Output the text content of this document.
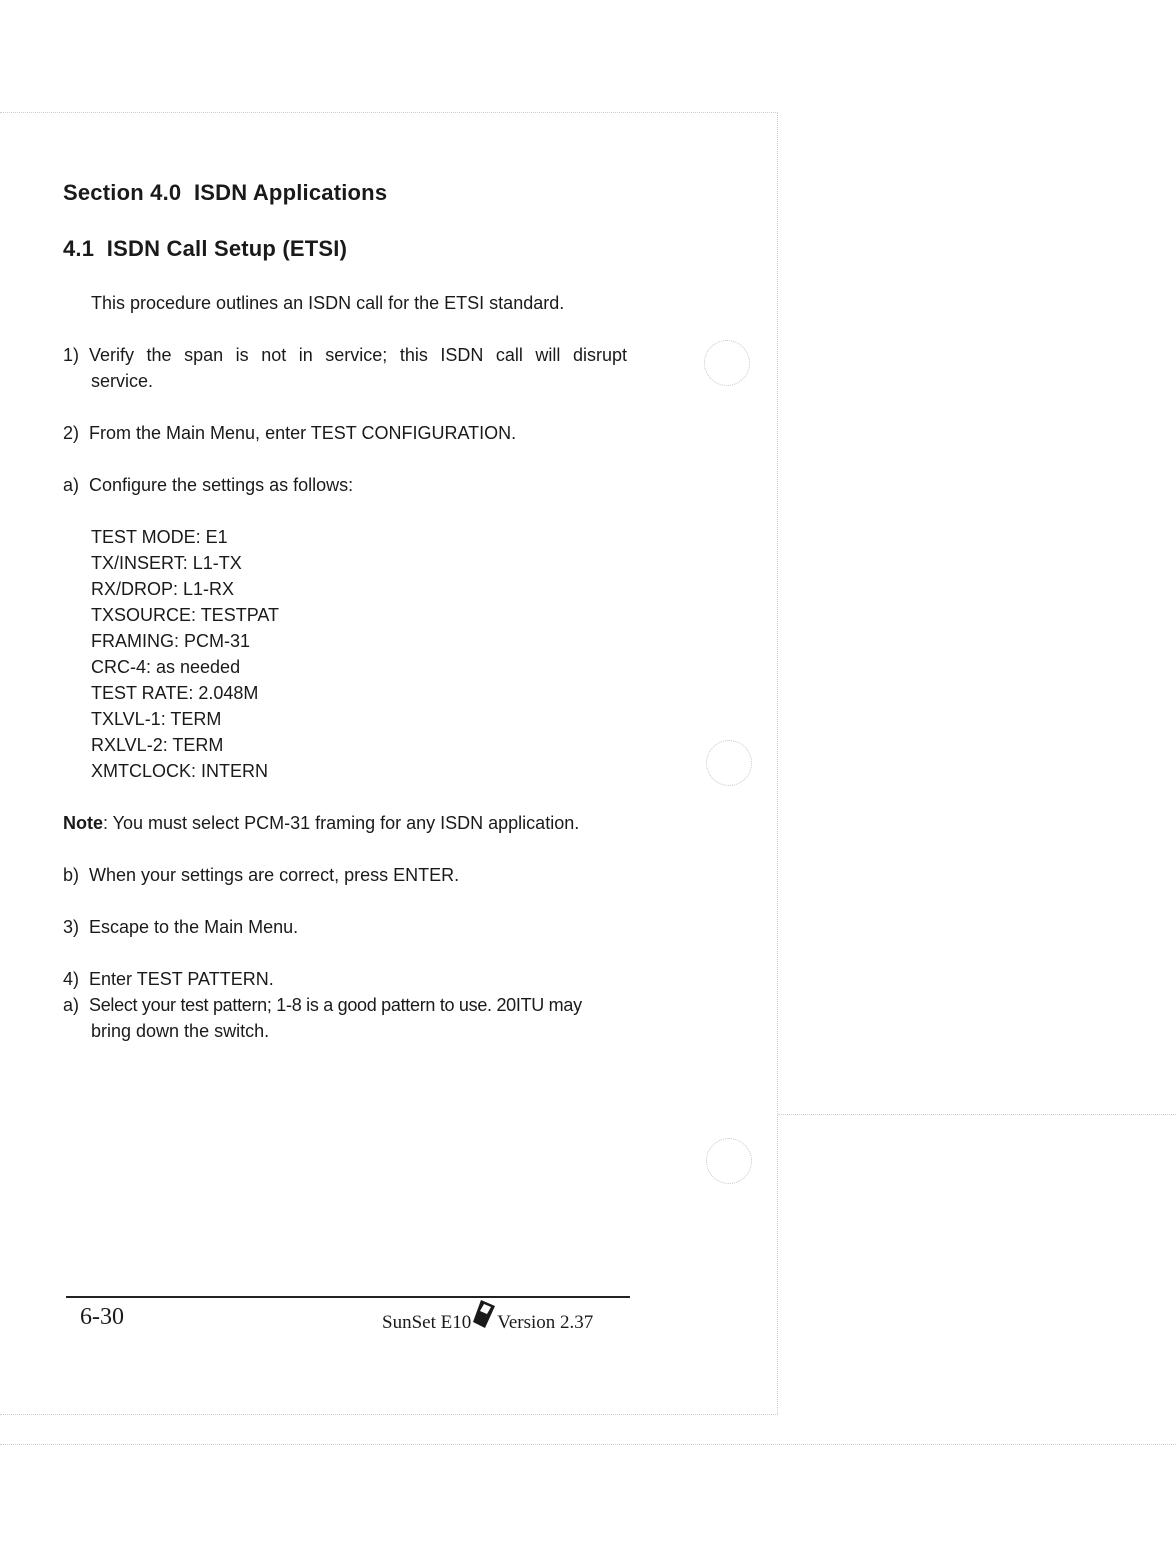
Section 4.0  ISDN Applications
4.1  ISDN Call Setup (ETSI)
This procedure outlines an ISDN call for the ETSI standard.
1) Verify the span is not in service; this ISDN call will disrupt
service.
2) From the Main Menu, enter TEST CONFIGURATION.
a) Configure the settings as follows:
TEST MODE: E1
TX/INSERT: L1-TX
RX/DROP: L1-RX
TXSOURCE: TESTPAT
FRAMING: PCM-31
CRC-4: as needed
TEST RATE: 2.048M
TXLVL-1: TERM
RXLVL-2: TERM
XMTCLOCK: INTERN
Note: You must select PCM-31 framing for any ISDN application.
b) When your settings are correct, press ENTER.
3) Escape to the Main Menu.
4) Enter TEST PATTERN.
a) Select your test pattern; 1-8 is a good pattern to use. 20ITU may
bring down the switch.
6-30	SunSet E10 Version 2.37
